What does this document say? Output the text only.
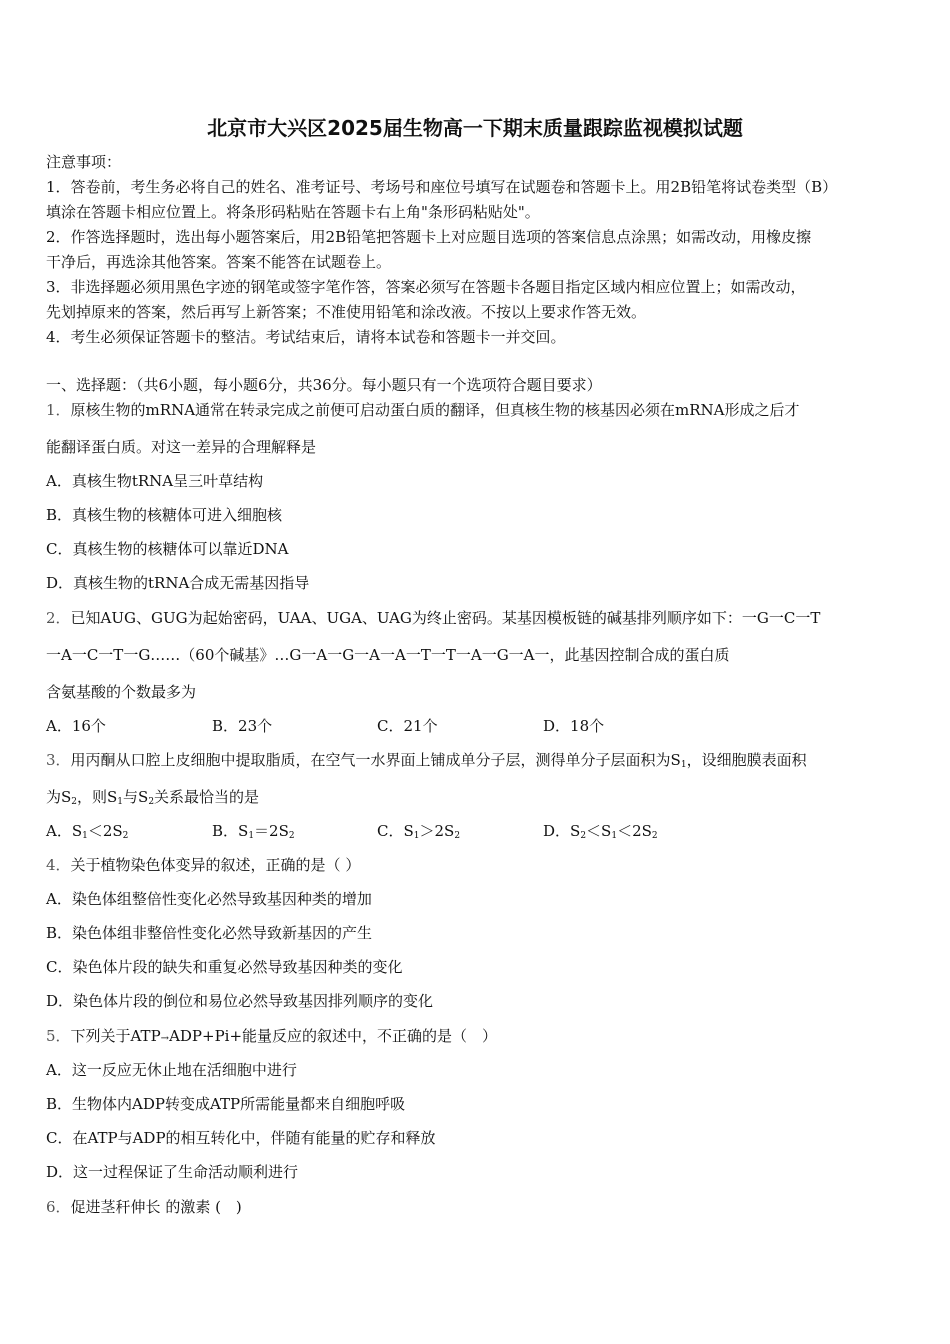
北京市大兴区2025届生物高一下期末质量跟踪监视模拟试题

注意事项：

1．答卷前，考生务必将自己的姓名、准考证号、考场号和座位号填写在试题卷和答题卡上。用2B铅笔将试卷类型（B）

填涂在答题卡相应位置上。将条形码粘贴在答题卡右上角"条形码粘贴处"。

2．作答选择题时，选出每小题答案后，用2B铅笔把答题卡上对应题目选项的答案信息点涂黑；如需改动，用橡皮擦

干净后，再选涂其他答案。答案不能答在试题卷上。

3．非选择题必须用黑色字迹的钢笔或签字笔作答，答案必须写在答题卡各题目指定区域内相应位置上；如需改动，

先划掉原来的答案，然后再写上新答案；不准使用铅笔和涂改液。不按以上要求作答无效。

4．考生必须保证答题卡的整洁。考试结束后，请将本试卷和答题卡一并交回。

一、选择题：（共6小题，每小题6分，共36分。每小题只有一个选项符合题目要求）
1．原核生物的mRNA通常在转录完成之前便可启动蛋白质的翻译，但真核生物的核基因必须在mRNA形成之后才
能翻译蛋白质。对这一差异的合理解释是
A．真核生物tRNA呈三叶草结构
B．真核生物的核糖体可进入细胞核
C．真核生物的核糖体可以靠近DNA
D．真核生物的tRNA合成无需基因指导
2．已知AUG、GUG为起始密码，UAA、UGA、UAG为终止密码。某基因模板链的碱基排列顺序如下：一G一C一T
一A一C一T一G……（60个碱基》…G一A一G一A一A一T一T一A一G一A一，此基因控制合成的蛋白质
含氨基酸的个数最多为
A．16个	B．23个	C．21个	D．18个
3．用丙酮从口腔上皮细胞中提取脂质，在空气一水界面上铺成单分子层，测得单分子层面积为$S_1$，设细胞膜表面积
为$S_2$，则$S_1$与$S_2$关系最恰当的是
A．$S_1<2S_2$	B．$S_1=2S_2$	C．$S_1>2S_2$	D．$S_2<S_1<2S_2$
4．关于植物染色体变异的叙述，正确的是（ ）
A．染色体组整倍性变化必然导致基因种类的增加
B．染色体组非整倍性变化必然导致新基因的产生
C．染色体片段的缺失和重复必然导致基因种类的变化
D．染色体片段的倒位和易位必然导致基因排列顺序的变化
5．下列关于ATP→ADP+Pi+能量反应的叙述中，不正确的是（　）
A．这一反应无休止地在活细胞中进行
B．生物体内ADP转变成ATP所需能量都来自细胞呼吸
C．在ATP与ADP的相互转化中，伴随有能量的贮存和释放
D．这一过程保证了生命活动顺利进行
6．促进茎秆伸长 的激素 (　)
